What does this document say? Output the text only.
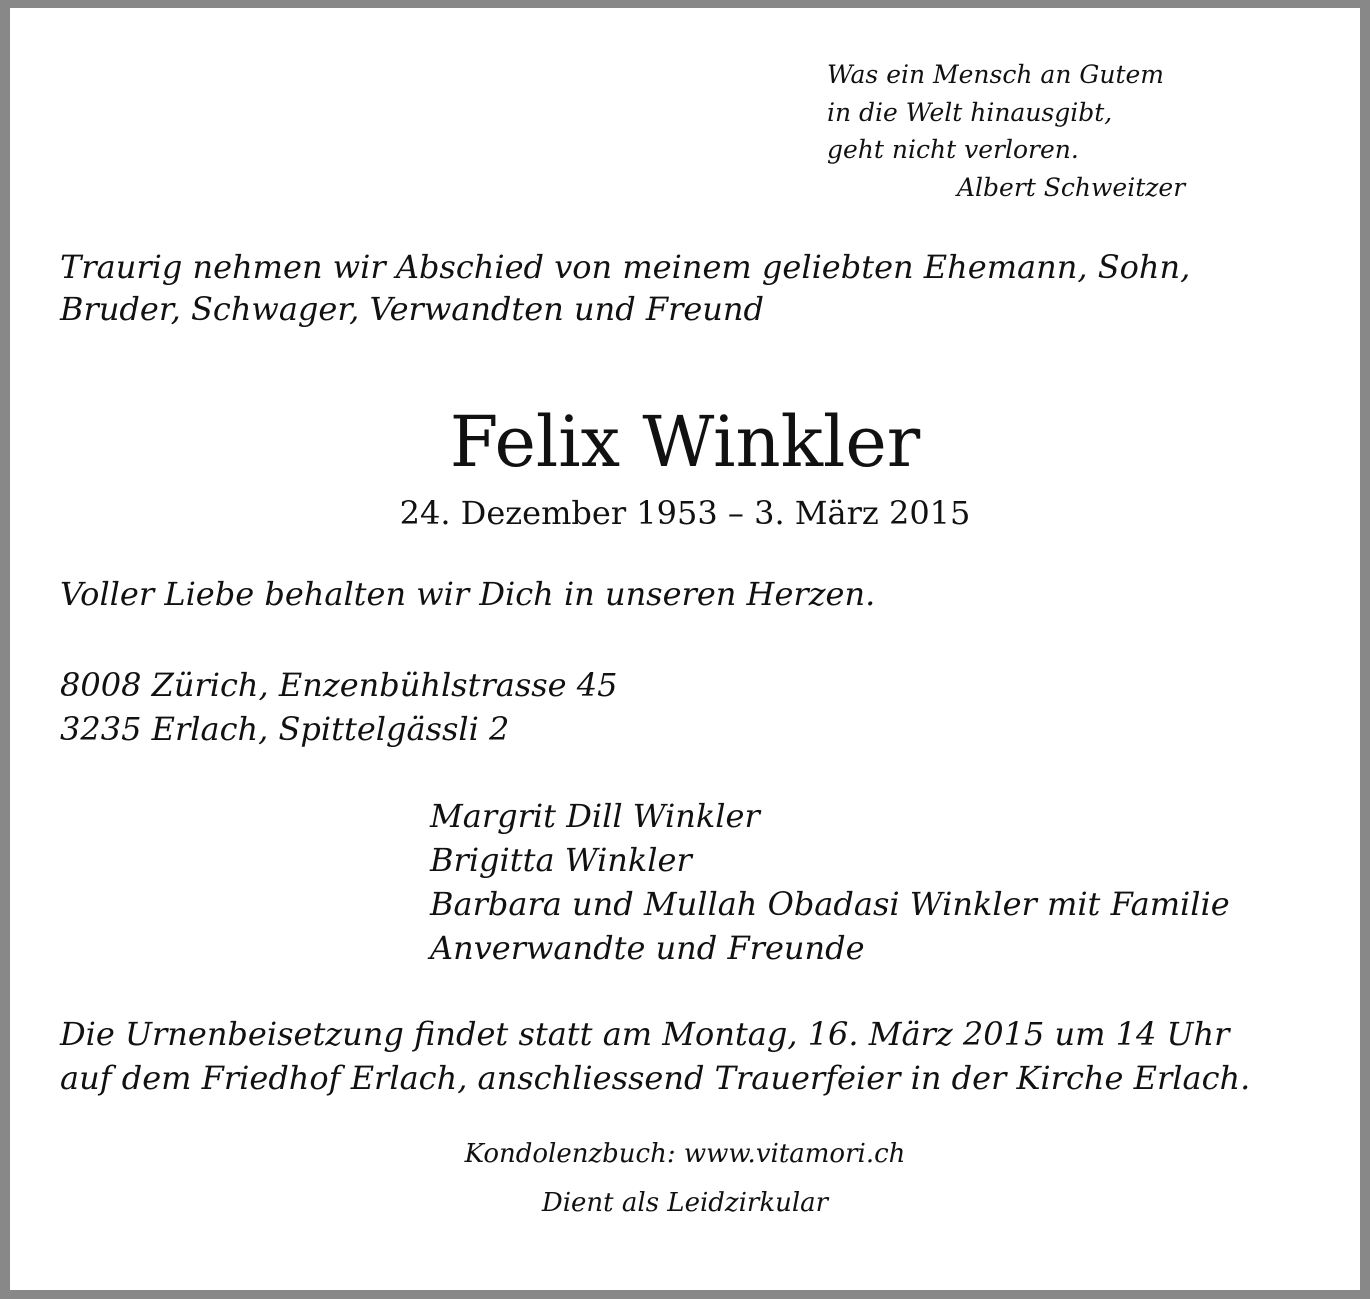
Was ein Mensch an Gutem
in die Welt hinausgibt,
geht nicht verloren.
Albert Schweitzer

Traurig nehmen wir Abschied von meinem geliebten Ehemann, Sohn,
Bruder, Schwager, Verwandten und Freund

Felix Winkler

24. Dezember 1953 – 3. März 2015

Voller Liebe behalten wir Dich in unseren Herzen.

8008 Zürich, Enzenbühlstrasse 45
3235 Erlach, Spittelgässli 2

Margrit Dill Winkler
Brigitta Winkler
Barbara und Mullah Obadasi Winkler mit Familie
Anverwandte und Freunde

Die Urnenbeisetzung findet statt am Montag, 16. März 2015 um 14 Uhr
auf dem Friedhof Erlach, anschliessend Trauerfeier in der Kirche Erlach.

Kondolenzbuch: www.vitamori.ch

Dient als Leidzirkular
